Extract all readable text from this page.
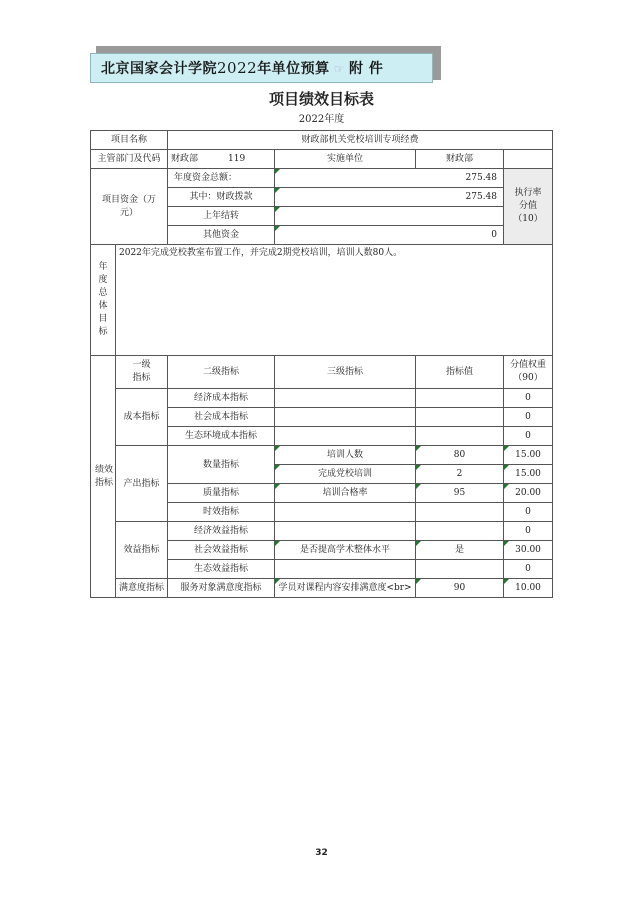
北京国家会计学院2022年单位预算 ☞ 附 件
项目绩效目标表
2022年度
项目名称		财政部机关党校培训专项经费			
主管部门及代码		财政部 119	实施单位	财政部	
项目资金（万元）		年度资金总额：	275.48		执行率分值（10）
		其中：财政拨款	275.48		
		上年结转			
		其他资金	0		
年度总体目标	2022年完成党校教室布置工作，并完成2期党校培训，培训人数80人。				
绩效指标	一级指标	二级指标	三级指标	指标值	分值权重（90）
	成本指标	经济成本指标			0
		社会成本指标			0
		生态环境成本指标			0
	产出指标	数量指标	培训人数	80	15.00
			完成党校培训	2	15.00
		质量指标	培训合格率	95	20.00
		时效指标			0
	效益指标	经济效益指标			0
		社会效益指标	是否提高学术整体水平	是	30.00
		生态效益指标			0
	满意度指标	服务对象满意度指标	学员对课程内容安排满意度<br>	90	10.00
32
